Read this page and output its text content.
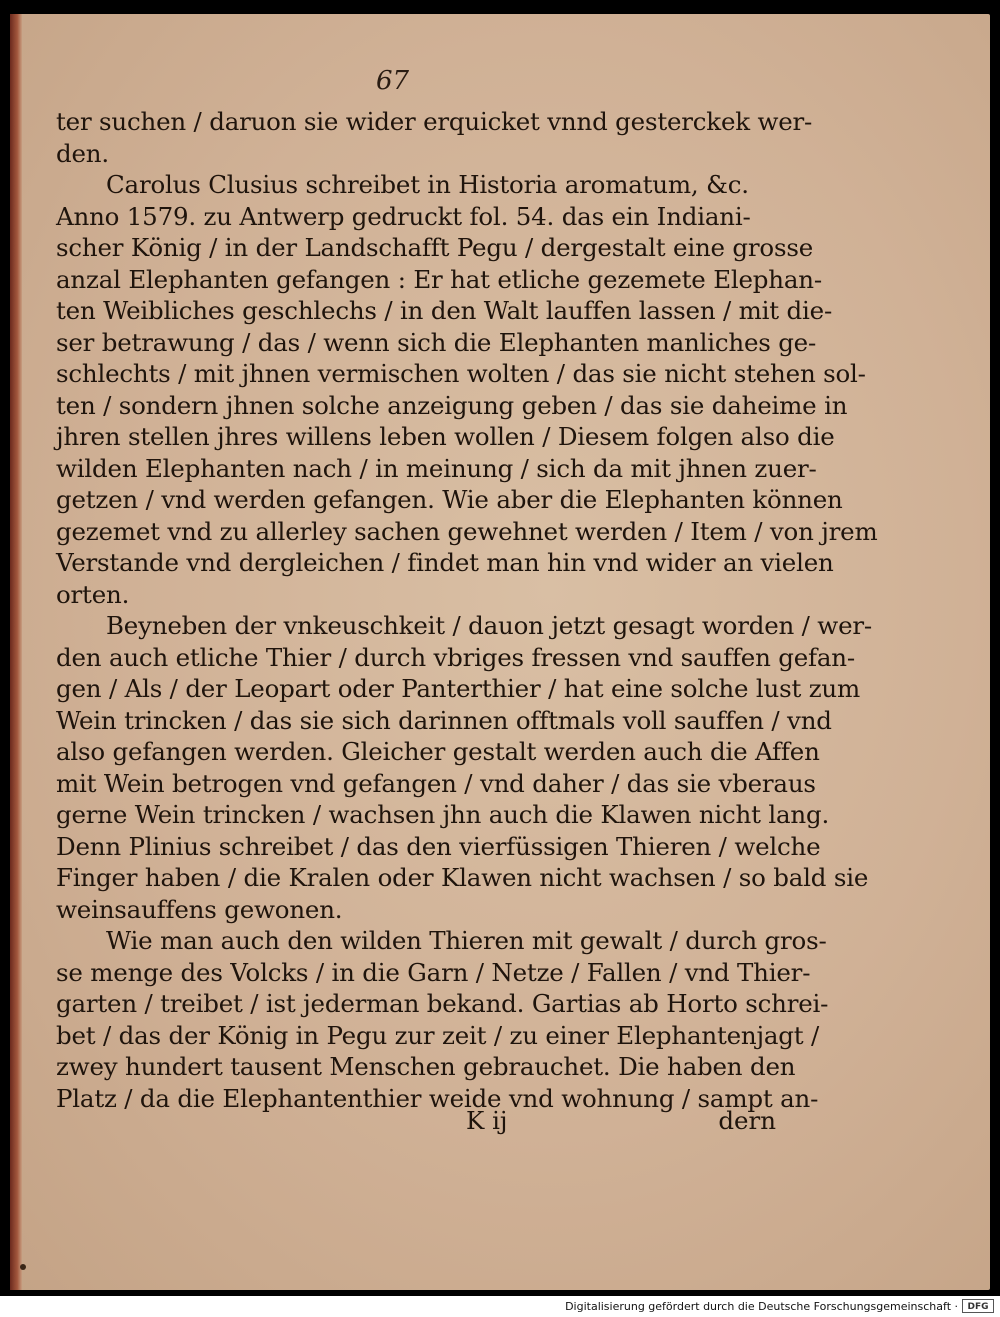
67
ter suchen / daruon sie wider erquicket vnnd gesterckek wer-
den.
Carolus Clusius schreibet in Historia aromatum, &c.
Anno 1579. zu Antwerp gedruckt fol. 54. das ein Indiani-
scher König / in der Landschafft Pegu / dergestalt eine grosse
anzal Elephanten gefangen : Er hat etliche gezemete Elephan-
ten Weibliches geschlechs / in den Walt lauffen lassen / mit die-
ser betrawung / das / wenn sich die Elephanten manliches ge-
schlechts / mit jhnen vermischen wolten / das sie nicht stehen sol-
ten / sondern jhnen solche anzeigung geben / das sie daheime in
jhren stellen jhres willens leben wollen / Diesem folgen also die
wilden Elephanten nach / in meinung / sich da mit jhnen zuer-
getzen / vnd werden gefangen. Wie aber die Elephanten können
gezemet vnd zu allerley sachen gewehnet werden / Item / von jrem
Verstande vnd dergleichen / findet man hin vnd wider an vielen
orten.
Beyneben der vnkeuschkeit / dauon jetzt gesagt worden / wer-
den auch etliche Thier / durch vbriges fressen vnd sauffen gefan-
gen / Als / der Leopart oder Panterthier / hat eine solche lust zum
Wein trincken / das sie sich darinnen offtmals voll sauffen / vnd
also gefangen werden. Gleicher gestalt werden auch die Affen
mit Wein betrogen vnd gefangen / vnd daher / das sie vberaus
gerne Wein trincken / wachsen jhn auch die Klawen nicht lang.
Denn Plinius schreibet / das den vierfüssigen Thieren / welche
Finger haben / die Kralen oder Klawen nicht wachsen / so bald sie
weinsauffens gewonen.
Wie man auch den wilden Thieren mit gewalt / durch gros-
se menge des Volcks / in die Garn / Netze / Fallen / vnd Thier-
garten / treibet / ist jederman bekand. Gartias ab Horto schrei-
bet / das der König in Pegu zur zeit / zu einer Elephantenjagt /
zwey hundert tausent Menschen gebrauchet. Die haben den
Platz / da die Elephantenthier weide vnd wohnung / sampt an-
K ij	dern
Digitalisierung gefördert durch die Deutsche Forschungsgemeinschaft ·	DFG
